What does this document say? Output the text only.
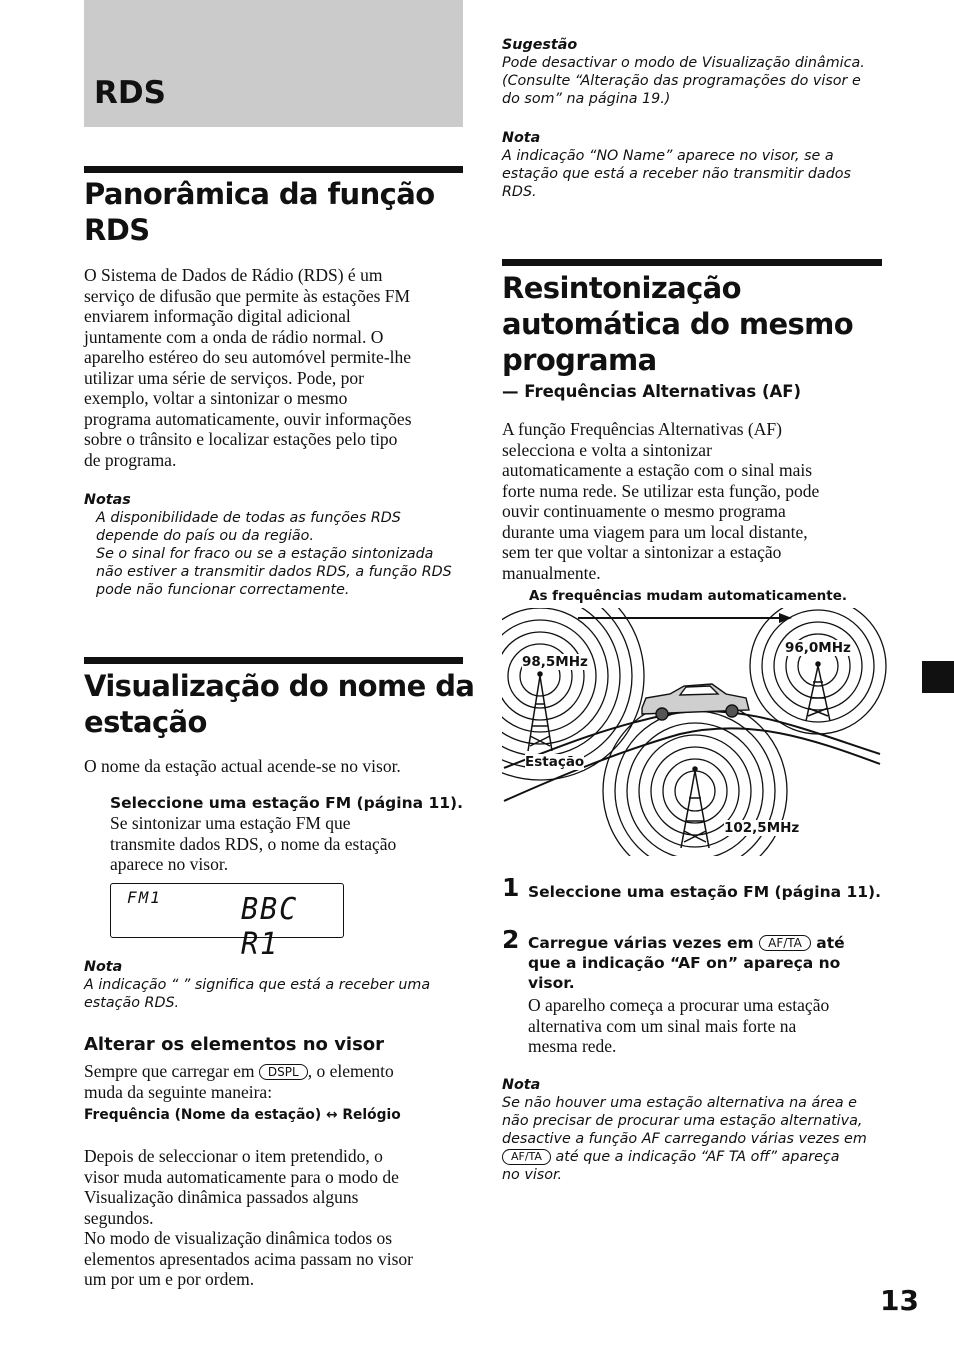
RDS
13
Panorâmica da função
RDS
O Sistema de Dados de Rádio (RDS) é um
serviço de difusão que permite às estações FM
enviarem informação digital adicional
juntamente com a onda de rádio normal. O
aparelho estéreo do seu automóvel permite-lhe
utilizar uma série de serviços. Pode, por
exemplo, voltar a sintonizar o mesmo
programa automaticamente, ouvir informações
sobre o trânsito e localizar estações pelo tipo
de programa.
Notas
A disponibilidade de todas as funções RDS
depende do país ou da região.
Se o sinal for fraco ou se a estação sintonizada
não estiver a transmitir dados RDS, a função RDS
pode não funcionar correctamente.
Visualização do nome da
estação
O nome da estação actual acende-se no visor.
Seleccione uma estação FM (página 11).
Se sintonizar uma estação FM que
transmite dados RDS, o nome da estação
aparece no visor.
FM1	BBC R1
Nota
A indicação “ ” significa que está a receber uma
estação RDS.
Alterar os elementos no visor
Sempre que carregar em DSPL , o elemento
muda da seguinte maneira:
Frequência (Nome da estação) ↔ Relógio
Depois de seleccionar o item pretendido, o
visor muda automaticamente para o modo de
Visualização dinâmica passados alguns
segundos.
No modo de visualização dinâmica todos os
elementos apresentados acima passam no visor
um por um e por ordem.
Sugestão
Pode desactivar o modo de Visualização dinâmica.
(Consulte “Alteração das programações do visor e
do som” na página 19.)
Nota
A indicação “NO Name” aparece no visor, se a
estação que está a receber não transmitir dados
RDS.
Resintonização
automática do mesmo
programa
— Frequências Alternativas (AF)
A função Frequências Alternativas (AF)
selecciona e volta a sintonizar
automaticamente a estação com o sinal mais
forte numa rede. Se utilizar esta função, pode
ouvir continuamente o mesmo programa
durante uma viagem para um local distante,
sem ter que voltar a sintonizar a estação
manualmente.
As frequências mudam automaticamente.
98,5MHz
96,0MHz
102,5MHz
Estação
1 Seleccione uma estação FM (página 11).
2 Carregue várias vezes em AF/TA até
que a indicação “AF on” apareça no
visor.
O aparelho começa a procurar uma estação
alternativa com um sinal mais forte na
mesma rede.
Nota
Se não houver uma estação alternativa na área e
não precisar de procurar uma estação alternativa,
desactive a função AF carregando várias vezes em
AF/TA até que a indicação “AF TA off” apareça
no visor.
